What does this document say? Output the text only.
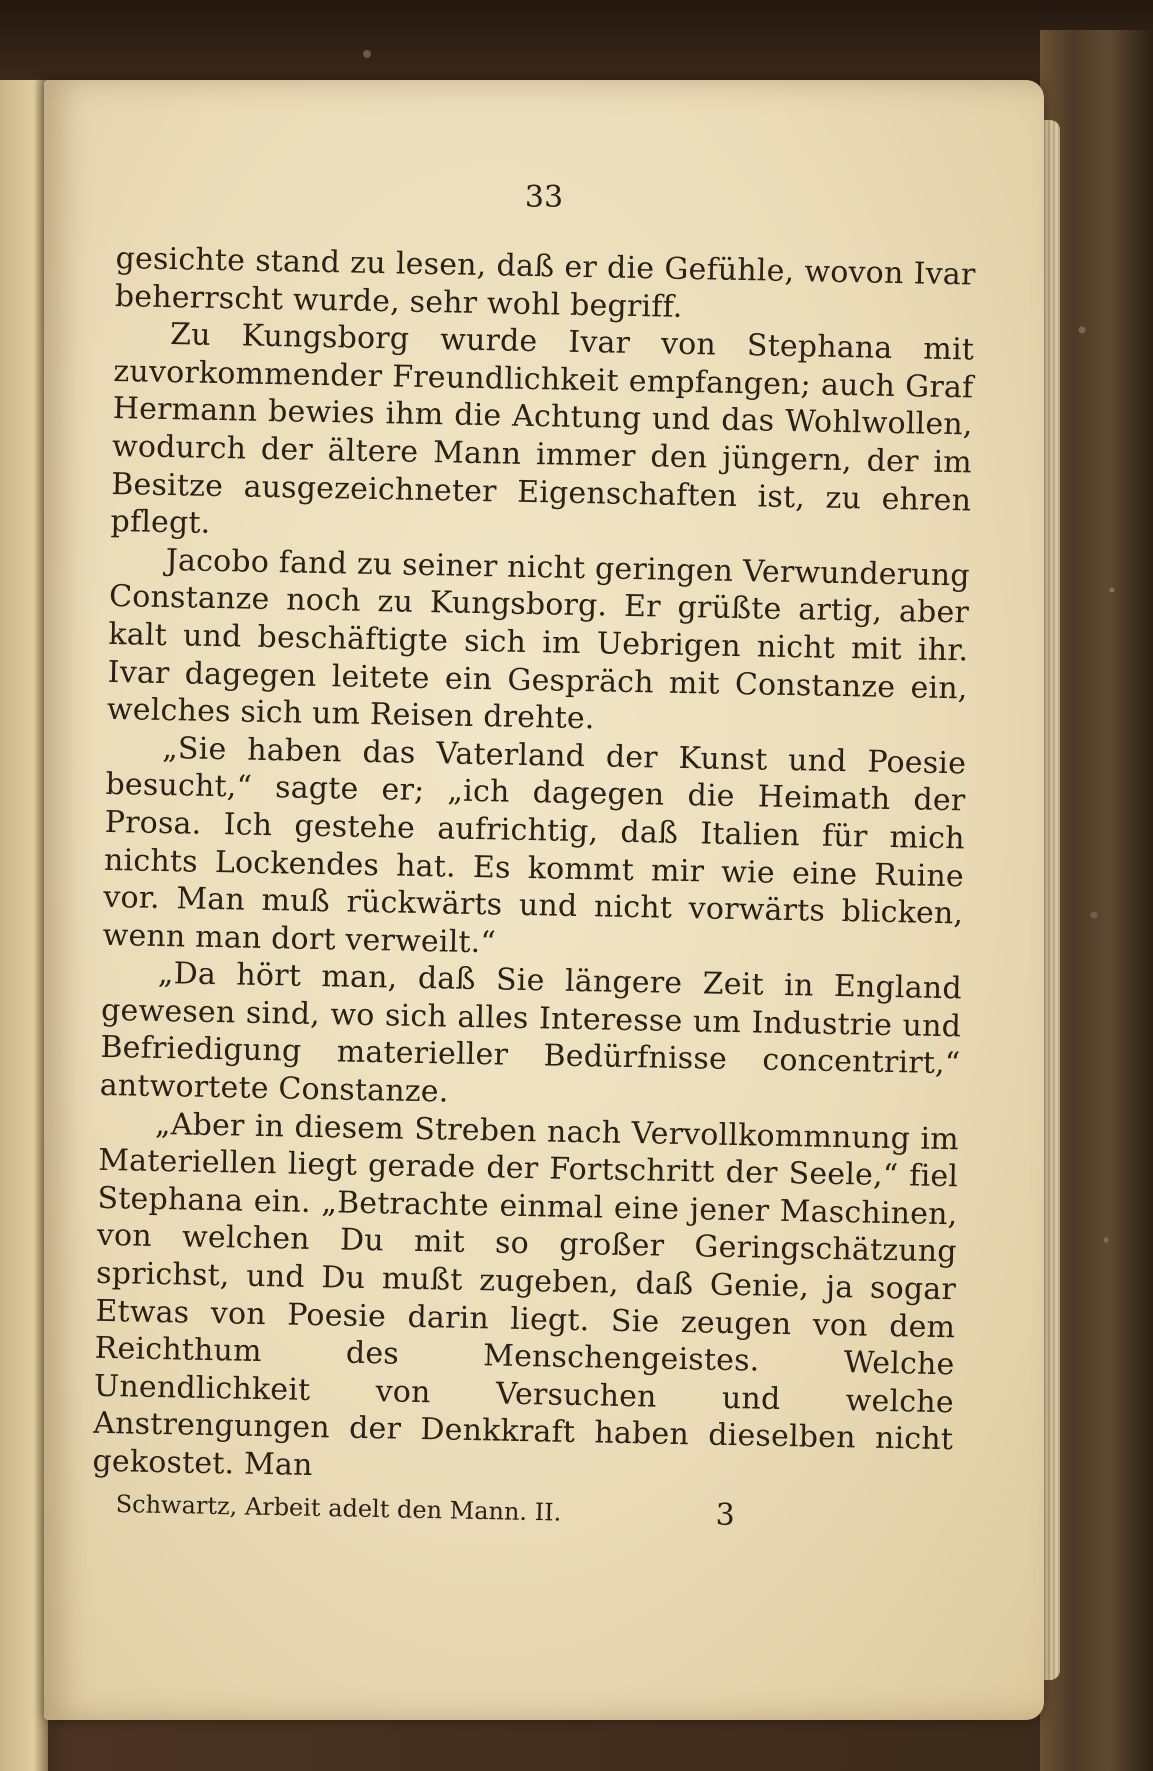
33

gesichte stand zu lesen, daß er die Gefühle, wovon Ivar beherrscht wurde, sehr wohl begriff.

Zu Kungsborg wurde Ivar von Stephana mit zuvorkommender Freundlichkeit empfangen; auch Graf Hermann bewies ihm die Achtung und das Wohlwollen, wodurch der ältere Mann immer den jüngern, der im Besitze ausgezeichneter Eigenschaften ist, zu ehren pflegt.

Jacobo fand zu seiner nicht geringen Verwunderung Constanze noch zu Kungsborg. Er grüßte artig, aber kalt und beschäftigte sich im Uebrigen nicht mit ihr. Ivar dagegen leitete ein Gespräch mit Constanze ein, welches sich um Reisen drehte.

„Sie haben das Vaterland der Kunst und Poesie besucht,“ sagte er; „ich dagegen die Heimath der Prosa. Ich gestehe aufrichtig, daß Italien für mich nichts Lockendes hat. Es kommt mir wie eine Ruine vor. Man muß rückwärts und nicht vorwärts blicken, wenn man dort verweilt.“

„Da hört man, daß Sie längere Zeit in England gewesen sind, wo sich alles Interesse um Industrie und Befriedigung materieller Bedürfnisse concentrirt,“ antwortete Constanze.

„Aber in diesem Streben nach Vervollkommnung im Materiellen liegt gerade der Fortschritt der Seele,“ fiel Stephana ein. „Betrachte einmal eine jener Maschinen, von welchen Du mit so großer Geringschätzung sprichst, und Du mußt zugeben, daß Genie, ja sogar Etwas von Poesie darin liegt. Sie zeugen von dem Reichthum des Menschengeistes. Welche Unendlichkeit von Versuchen und welche Anstrengungen der Denkkraft haben dieselben nicht gekostet. Man

Schwartz, Arbeit adelt den Mann. II.	3
